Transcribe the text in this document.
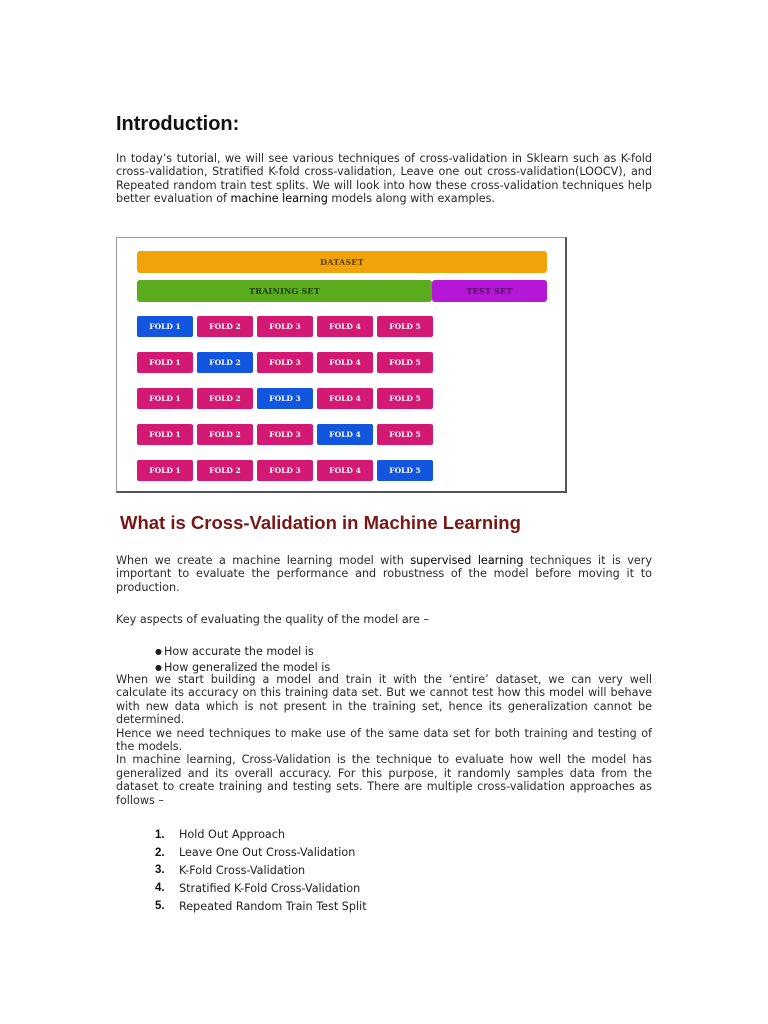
Introduction:

In today’s tutorial, we will see various techniques of cross-validation in Sklearn such as K-fold cross-validation, Stratified K-fold cross-validation, Leave one out cross-validation(LOOCV), and Repeated random train test splits. We will look into how these cross-validation techniques help better evaluation of machine learning models along with examples.

DATASET
TRAINING SET	TEST SET
FOLD 1	FOLD 2	FOLD 3	FOLD 4	FOLD 5
FOLD 1	FOLD 2	FOLD 3	FOLD 4	FOLD 5
FOLD 1	FOLD 2	FOLD 3	FOLD 4	FOLD 5
FOLD 1	FOLD 2	FOLD 3	FOLD 4	FOLD 5
FOLD 1	FOLD 2	FOLD 3	FOLD 4	FOLD 5
What is Cross-Validation in Machine Learning

When we create a machine learning model with supervised learning techniques it is very important to evaluate the performance and robustness of the model before moving it to production.

Key aspects of evaluating the quality of the model are –

● How accurate the model is
● How generalized the model is

When we start building a model and train it with the ‘entire’ dataset, we can very well calculate its accuracy on this training data set. But we cannot test how this model will behave with new data which is not present in the training set, hence its generalization cannot be determined.

Hence we need techniques to make use of the same data set for both training and testing of the models.

In machine learning, Cross-Validation is the technique to evaluate how well the model has generalized and its overall accuracy. For this purpose, it randomly samples data from the dataset to create training and testing sets. There are multiple cross-validation approaches as follows –

1.	Hold Out Approach
2.	Leave One Out Cross-Validation
3.	K-Fold Cross-Validation
4.	Stratified K-Fold Cross-Validation
5.	Repeated Random Train Test Split
